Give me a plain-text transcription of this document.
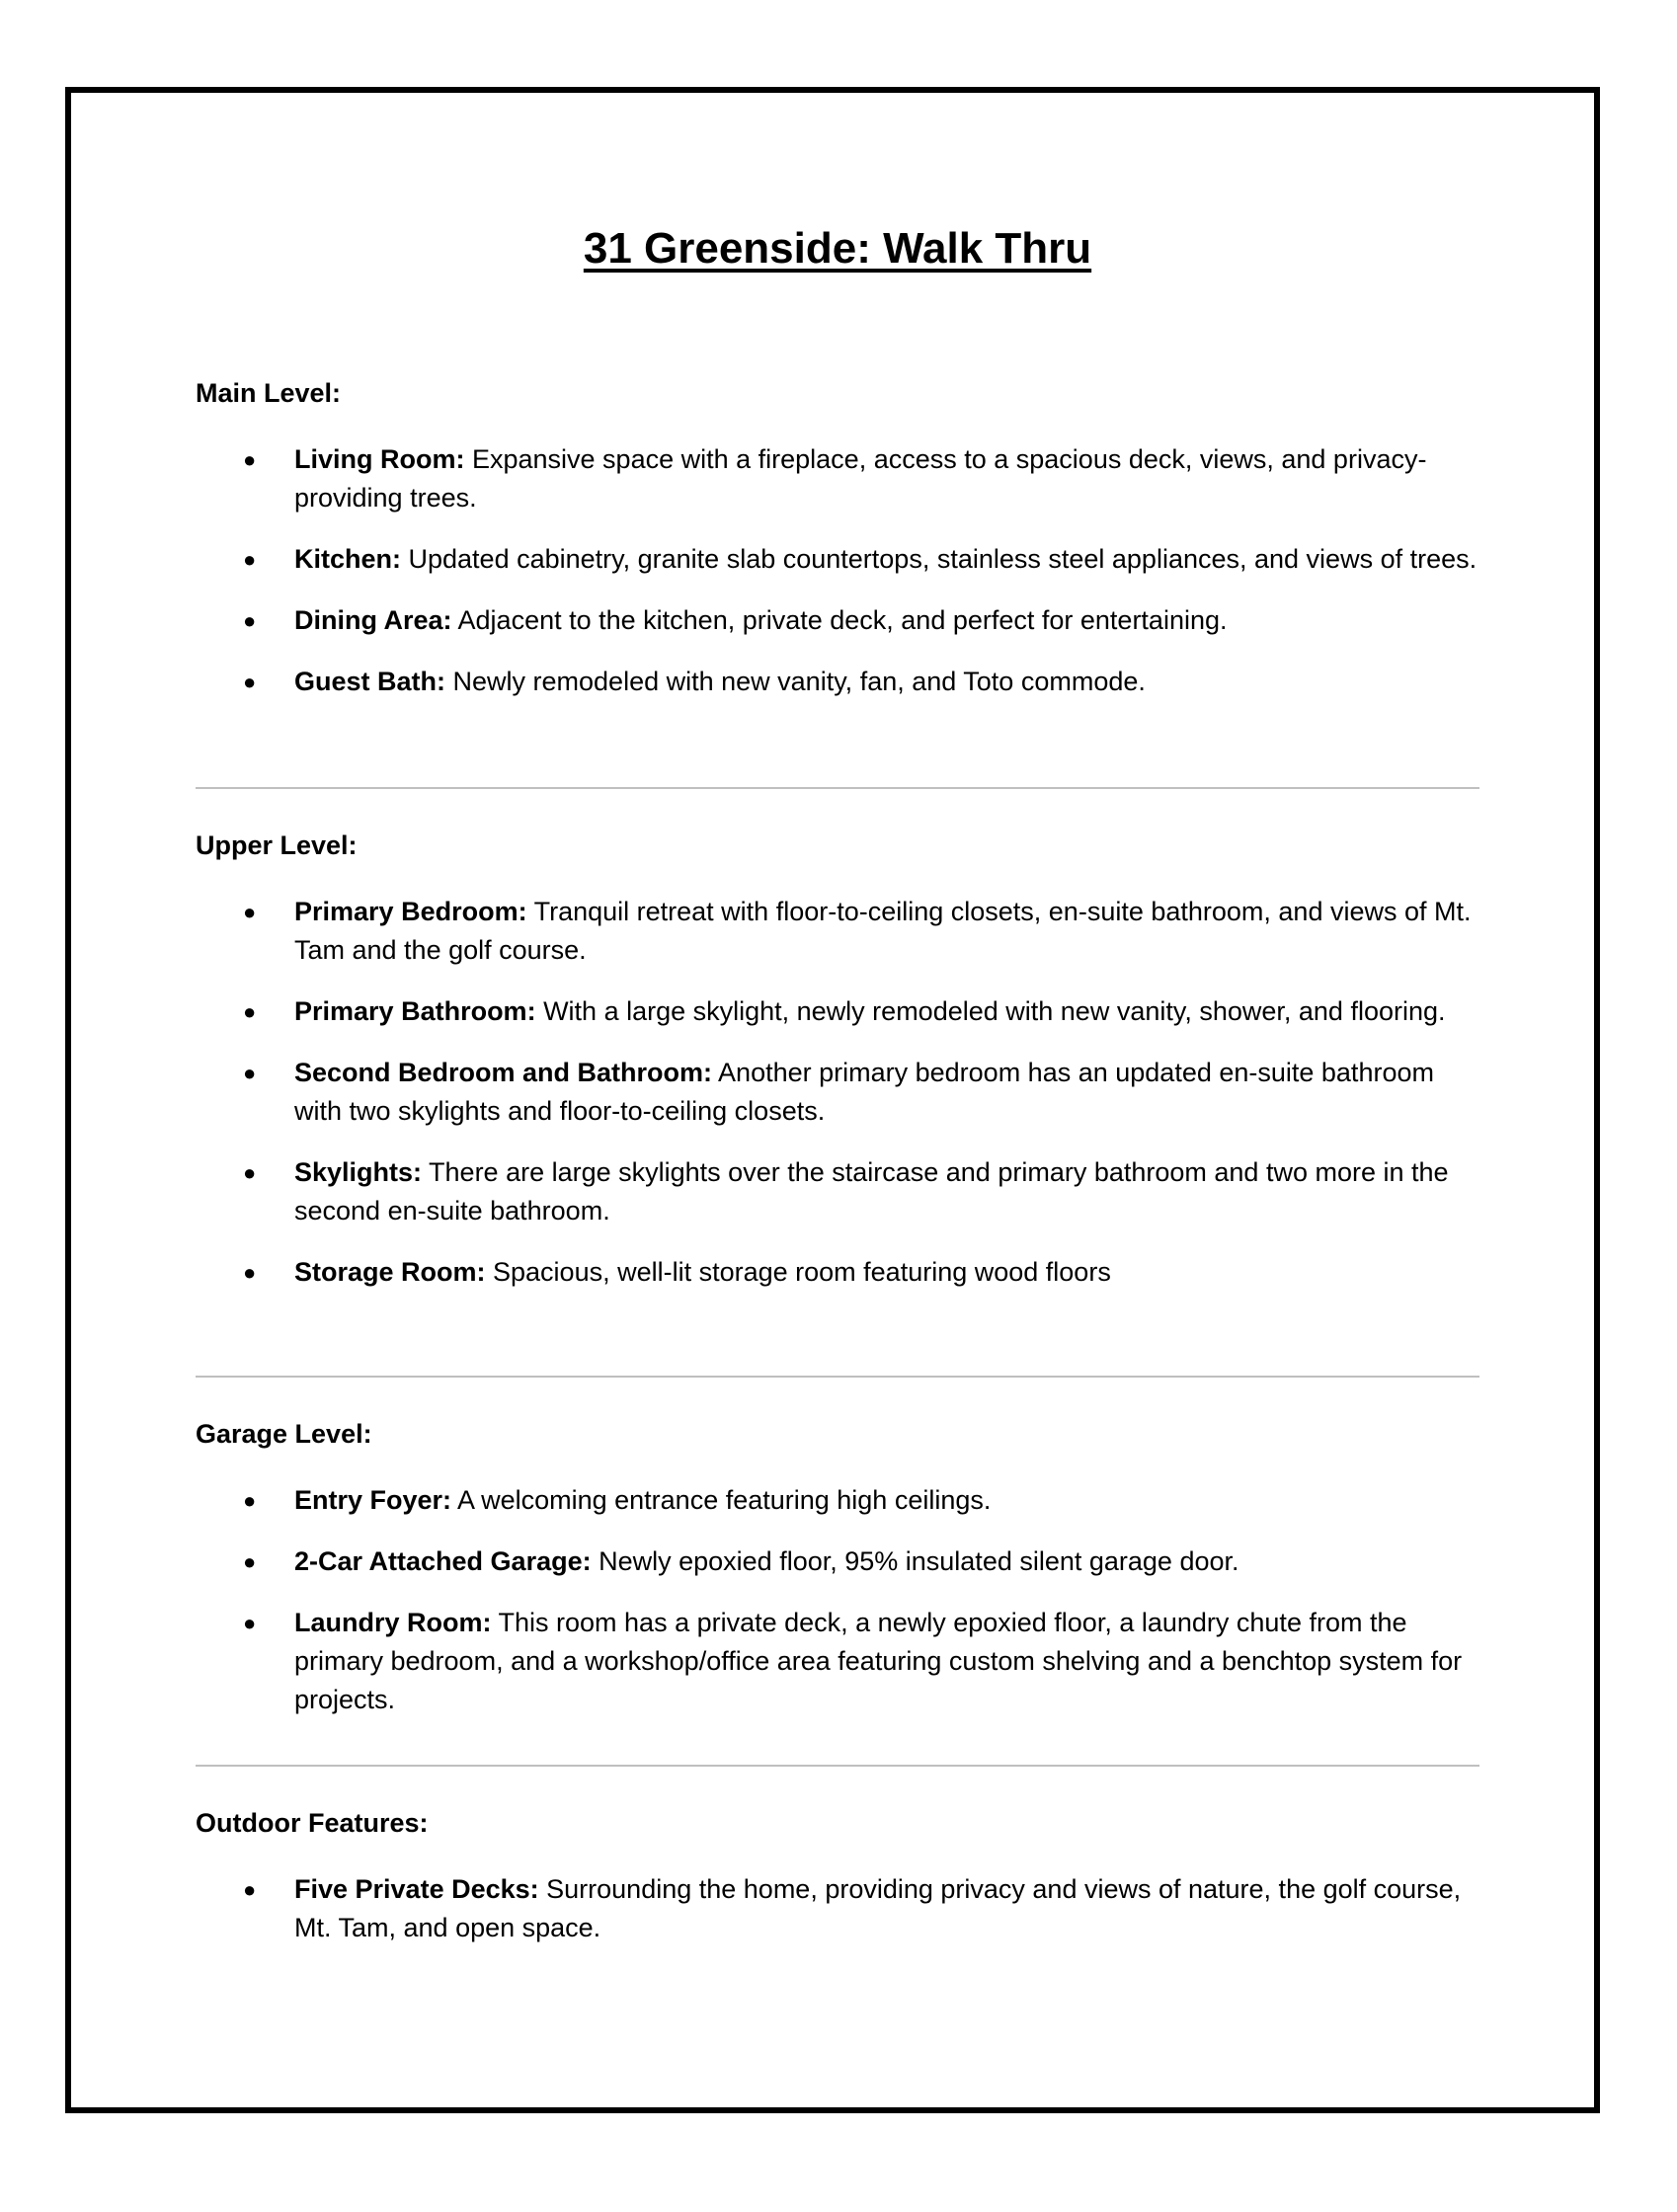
31 Greenside: Walk Thru
Main Level:
● Living Room: Expansive space with a fireplace, access to a spacious deck, views, and privacy-providing trees.
● Kitchen: Updated cabinetry, granite slab countertops, stainless steel appliances, and views of trees.
● Dining Area: Adjacent to the kitchen, private deck, and perfect for entertaining.
● Guest Bath: Newly remodeled with new vanity, fan, and Toto commode.
Upper Level:
● Primary Bedroom: Tranquil retreat with floor-to-ceiling closets, en-suite bathroom, and views of Mt. Tam and the golf course.
● Primary Bathroom: With a large skylight, newly remodeled with new vanity, shower, and flooring.
● Second Bedroom and Bathroom: Another primary bedroom has an updated en-suite bathroom with two skylights and floor-to-ceiling closets.
● Skylights: There are large skylights over the staircase and primary bathroom and two more in the second en-suite bathroom.
● Storage Room: Spacious, well-lit storage room featuring wood floors
Garage Level:
● Entry Foyer: A welcoming entrance featuring high ceilings.
● 2-Car Attached Garage: Newly epoxied floor, 95% insulated silent garage door.
● Laundry Room: This room has a private deck, a newly epoxied floor, a laundry chute from the primary bedroom, and a workshop/office area featuring custom shelving and a benchtop system for projects.
Outdoor Features:
● Five Private Decks: Surrounding the home, providing privacy and views of nature, the golf course, Mt. Tam, and open space.
